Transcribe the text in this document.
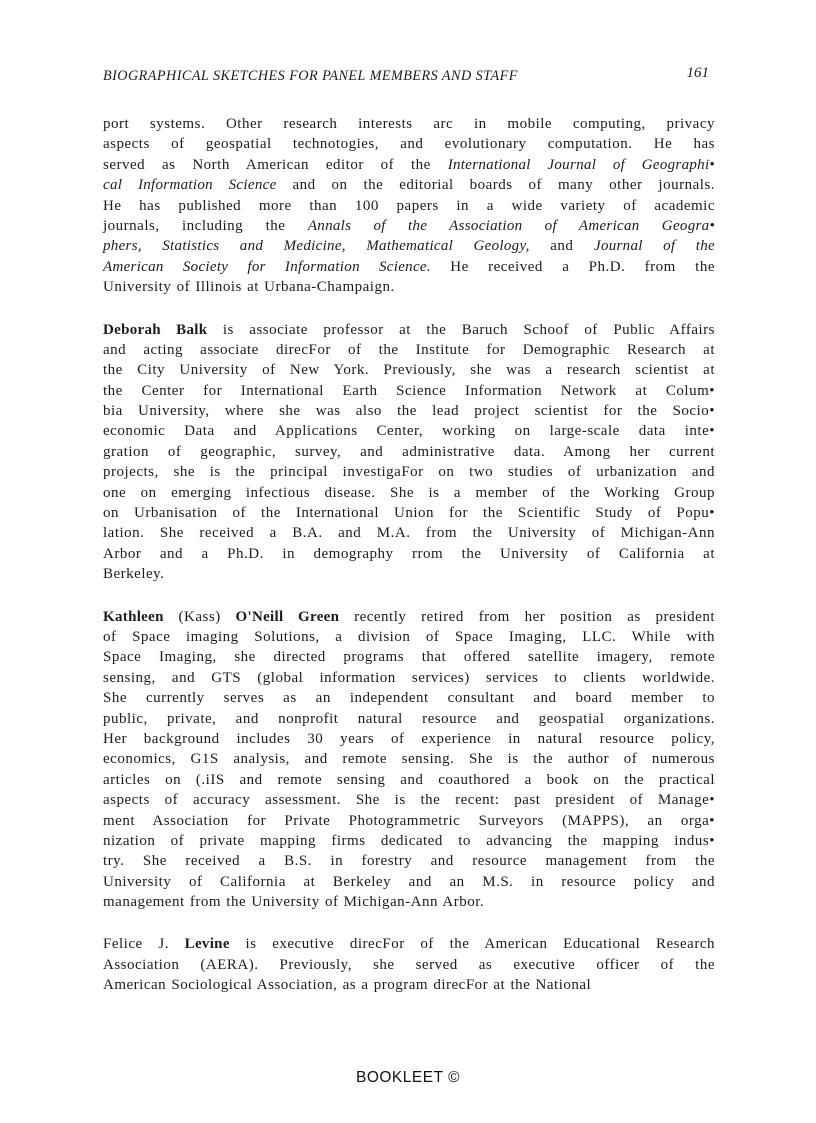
BIOGRAPHICAL SKETCHES FOR PANEL MEMBERS AND STAFF	161
port systems. Other research interests arc in mobile computing, privacy
aspects of geospatial technotogies, and evolutionary computation. He has
served as North American editor of the International Journal of Geographi•
cal Information Science and on the editorial boards of many other journals.
He has published more than 100 papers in a wide variety of academic
journals, including the Annals of the Association of American Geogra•
phers, Statistics and Medicine, Mathematical Geology, and Journal of the
American Society for Information Science. He received a Ph.D. from the
University of Illinois at Urbana-Champaign.
Deborah Balk is associate professor at the Baruch Schoof of Public Affairs
and acting associate direcFor of the Institute for Demographic Research at
the City University of New York. Previously, she was a research scientist at
the Center for International Earth Science Information Network at Colum•
bia University, where she was also the lead project scientist for the Socio•
economic Data and Applications Center, working on large-scale data inte•
gration of geographic, survey, and administrative data. Among her current
projects, she is the principal investigaFor on two studies of urbanization and
one on emerging infectious disease. She is a member of the Working Group
on Urbanisation of the International Union for the Scientific Study of Popu•
lation. She received a B.A. and M.A. from the University of Michigan-Ann
Arbor and a Ph.D. in demography rrom the University of California at
Berkeley.
Kathleen (Kass) O'Neill Green recently retired from her position as president
of Space imaging Solutions, a division of Space Imaging, LLC. While with
Space Imaging, she directed programs that offered satellite imagery, remote
sensing, and GTS (global information services) services to clients worldwide.
She currently serves as an independent consultant and board member to
public, private, and nonprofit natural resource and geospatial organizations.
Her background includes 30 years of experience in natural resource policy,
economics, G1S analysis, and remote sensing. She is the author of numerous
articles on (.iIS and remote sensing and coauthored a book on the practical
aspects of accuracy assessment. She is the recent: past president of Manage•
ment Association for Private Photogrammetric Surveyors (MAPPS), an orga•
nization of private mapping firms dedicated to advancing the mapping indus•
try. She received a B.S. in forestry and resource management from the
University of California at Berkeley and an M.S. in resource policy and
management from the University of Michigan-Ann Arbor.
Felice J. Levine is executive direcFor of the American Educational Research
Association (AERA). Previously, she served as executive officer of the
American Sociological Association, as a program direcFor at the National
BOOKLEET ©
